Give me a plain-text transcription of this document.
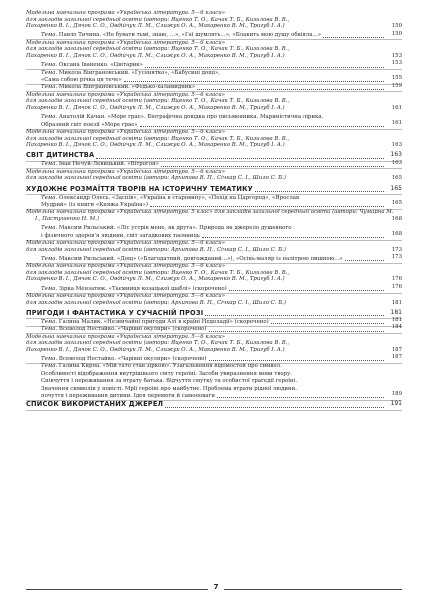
Модельна навчальна програма «Українська література. 5—6 класи»
для закладів загальної середньої освіти (автори: Яценко Т. О., Качак Т. Б., Кизилова В. В.,
Пахаренко В. І., Дячок С. О., Овдійчук Л. М., Слижук О. А., Макаренко В. М., Тригуб І. А.)	150
Тема. Павло Тичина. «Не бувати тьмі, знаю, ...», «Гаї шумлять…», «Блакить мою душу обвіяла…»	150
Модельна навчальна програма «Українська література. 5—6 класи»
для закладів загальної середньої освіти (автори: Яценко Т. О., Качак Т. Б., Кизилова В. В.,
Пахаренко В. І., Дячок С. О., Овдійчук Л. М., Слижук О. А., Макаренко В. М., Тригуб І. А.)	153
Тема. Оксана Іваненко. «Цвітарик»	153
Тема. Микола Вінграновський. «Гусенятко», «Бабусині дощі»,
«Сама собою річка ця тече»	155
Тема. Микола Вінграновський. «Федько-халамидник»	159
Модельна навчальна програма «Українська література. 5—6 класи»
для закладів загальної середньої освіти (автори: Яценко Т. О., Качак Т. Б., Кизилова В. В.,
Пахаренко В. І., Дячок С. О., Овдійчук Л. М., Слижук О. А., Макаренко В. М., Тригуб І. А.)	161
Тема. Анатолій Качан. «Море грає». Біографічна довідка про письменника. Мариністична лірика.
Образний світ поезії «Море грає»	161
Модельна навчальна програма «Українська література. 5—6 класи»
для закладів загальної середньої освіти (автори: Яценко Т. О., Качак Т. Б., Кизилова В. В.,
Пахаренко В. І., Дячок С. О., Овдійчук Л. М., Слижук О. А., Макаренко В. М., Тригуб І. А.)	163
СВІТ ДИТИНСТВА	163
Тема. Іван Нечуй-Левицький. «Вітрогон»	163
Модельна навчальна програма «Українська література. 5—6 класи»
для закладів загальної середньої освіти (автори: Архипова В. П., Січкар С. І., Шило С. Б.)	165
ХУДОЖНЄ РОЗМАЇТТЯ ТВОРІВ НА ІСТОРИЧНУ ТЕМАТИКУ	165
Тема. Олександр Олесь. «Заспів», «Україна в старовину», «Похід на Царгород», «Ярослав
Мудрий» (із книги «Княжа Україна»)	165
Модельна навчальна програма «Українська література. 5 клас» для закладів загальної середньої освіти (автори: Чумарна М. І., Пастушенко Н. М.)	168
Тема. Максим Рильський. «Ліс устрів мене, як друга». Природа як джерело душевного
і фізичного здоров’я людини, світ загадкових таємниць	168
Модельна навчальна програма «Українська література. 5—6 класи»
для закладів загальної середньої освіти (автори: Архипова В. П., Січкар С. І., Шило С. Б.)	173
Тема. Максим Рильський. «Дощ» («Благодатний, довгожданий…»), «Осінь-маляр із палітрою пишною...»	173
Модельна навчальна програма «Українська література. 5—6 класи»
для закладів загальної середньої освіти (автори: Яценко Т. О., Качак Т. Б., Кизилова В. В.,
Пахаренко В. І., Дячок С. О., Овдійчук Л. М., Слижук О. А., Макаренко В. М., Тригуб І. А.)	176
Тема. Зірка Мензатюк. «Таємниця козацької шаблі» (скорочено)	176
Модельна навчальна програма «Українська література. 5—6 класи»
для закладів загальної середньої освіти (автори: Архипова В. П., Січкар С. І., Шило С. Б.)	181
ПРИГОДИ І ФАНТАСТИКА У СУЧАСНІЙ ПРОЗІ	181
Тема. Галина Малик. «Незвичайні пригоди Алі в країні Недоладії» (скорочено)	181
Тема. Всеволод Нестайко. «Чарівні окуляри» (скорочено)	184
Модельна навчальна програма «Українська література. 5—6 класи»
для закладів загальної середньої освіти (автори: Яценко Т. О., Качак Т. Б., Кизилова В. В.,
Пахаренко В. І., Дячок С. О., Овдійчук Л. М., Слижук О. А., Макаренко В. М., Тригуб І. А.)	187
Тема. Всеволод Нестайко. «Чарівні окуляри» (скорочено)	187
Тема. Галина Кирпа. «Мій тато став зіркою». Узагальнення відомостей про символ.
Особливості відображення внутрішнього світу героїні. Засоби увиразнення мови твору.
Співчуття і переживання за втрату батька. Відчуття смутку та особистої трагедії героїні.
Значення символів у повісті. Мрії героїні про майбутнє. Проблема втрати рідної людини.
почуття і переживання дитини. Ідея перемоги й самоповаги	189
СПИСОК ВИКОРИСТАНИХ ДЖЕРЕЛ	191
7
